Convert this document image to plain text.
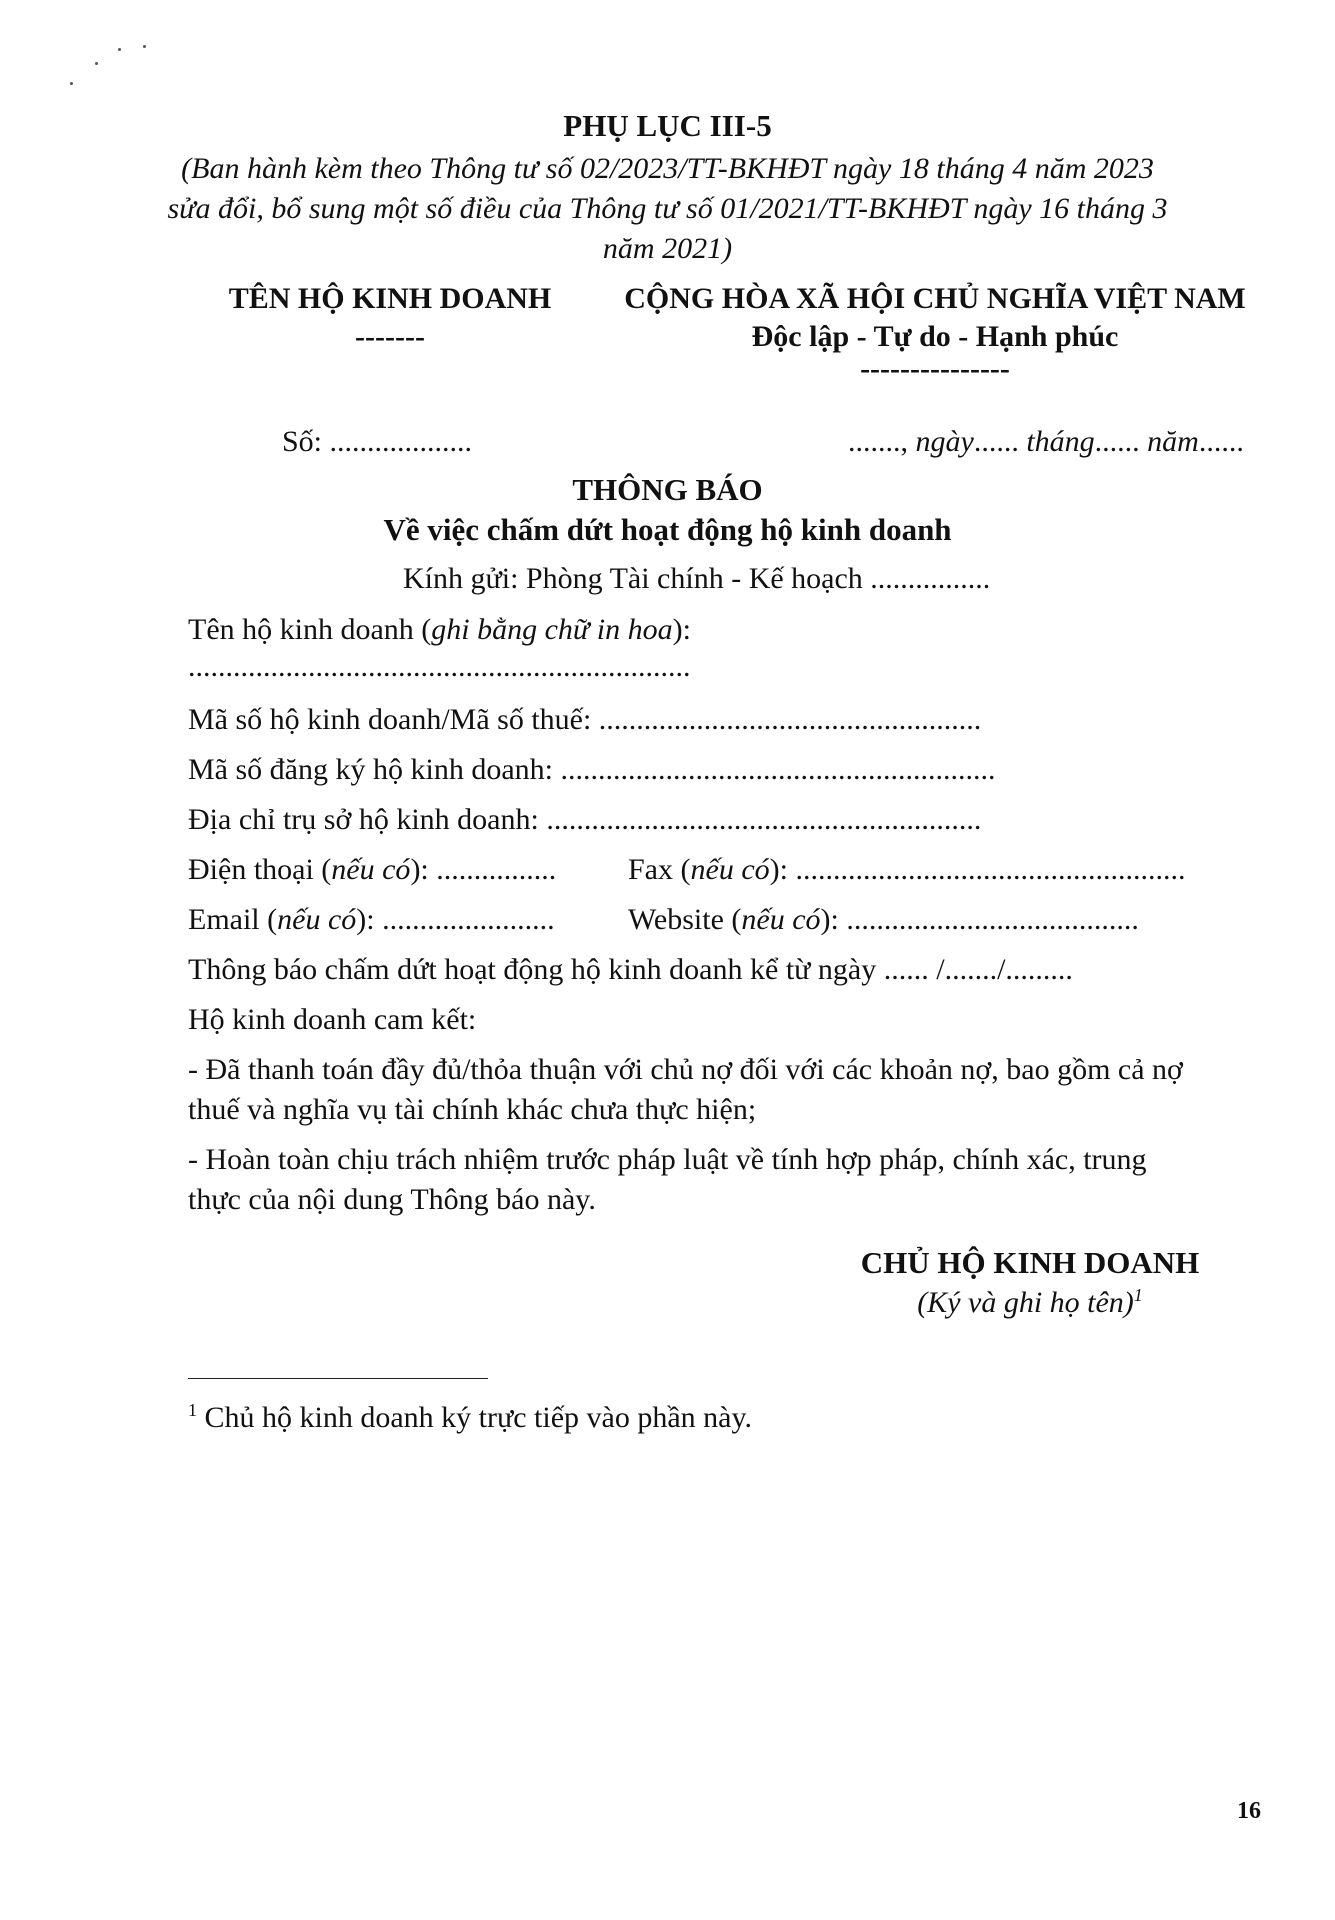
PHỤ LỤC III-5
(Ban hành kèm theo Thông tư số 02/2023/TT-BKHĐT ngày 18 tháng 4 năm 2023
sửa đổi, bổ sung một số điều của Thông tư số 01/2021/TT-BKHĐT ngày 16 tháng 3
năm 2021)
TÊN HỘ KINH DOANH
-------
CỘNG HÒA XÃ HỘI CHỦ NGHĨA VIỆT NAM
Độc lập - Tự do - Hạnh phúc
---------------
Số: ...................	......., ngày...... tháng...... năm......
THÔNG BÁO
Về việc chấm dứt hoạt động hộ kinh doanh
Kính gửi: Phòng Tài chính - Kế hoạch ................
Tên hộ kinh doanh (ghi bằng chữ in hoa):
...................................................................
Mã số hộ kinh doanh/Mã số thuế: ...................................................
Mã số đăng ký hộ kinh doanh: ..........................................................
Địa chỉ trụ sở hộ kinh doanh: ..........................................................
Điện thoại (nếu có): ................ Fax (nếu có): ....................................................
Email (nếu có): ....................... Website (nếu có): .......................................
Thông báo chấm dứt hoạt động hộ kinh doanh kể từ ngày ...... /......./.........
Hộ kinh doanh cam kết:
- Đã thanh toán đầy đủ/thỏa thuận với chủ nợ đối với các khoản nợ, bao gồm cả nợ
thuế và nghĩa vụ tài chính khác chưa thực hiện;
- Hoàn toàn chịu trách nhiệm trước pháp luật về tính hợp pháp, chính xác, trung
thực của nội dung Thông báo này.
CHỦ HỘ KINH DOANH
(Ký và ghi họ tên)$^1$
$^1$ Chủ hộ kinh doanh ký trực tiếp vào phần này.
16
